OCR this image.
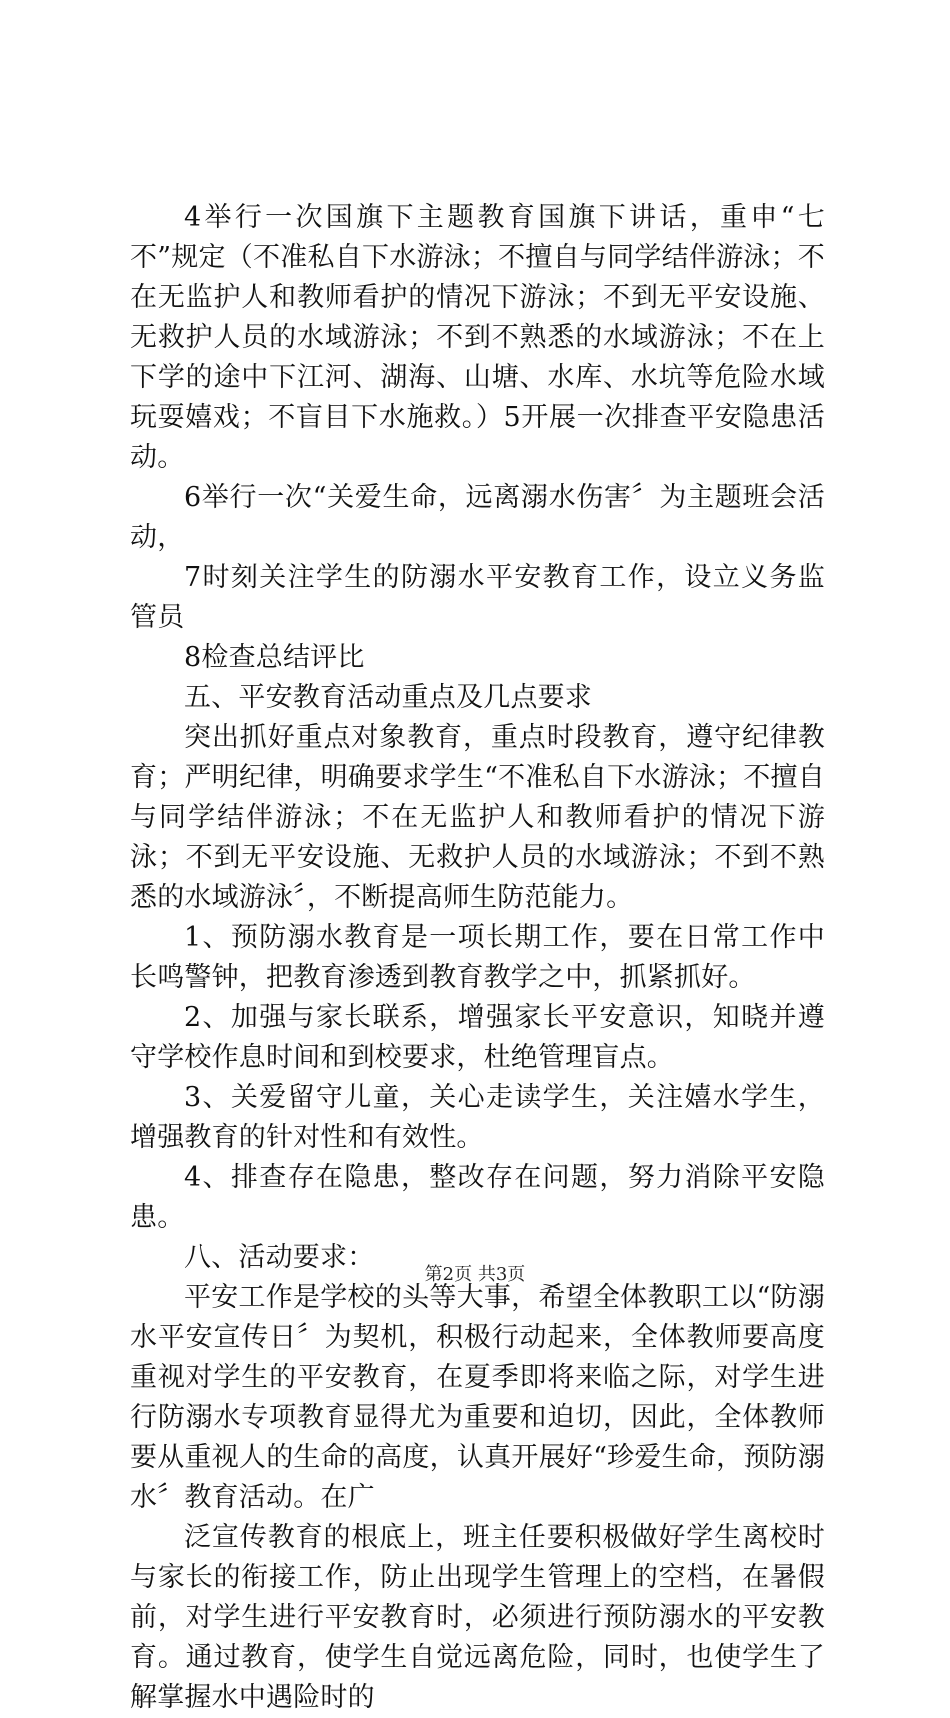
4举行一次国旗下主题教育国旗下讲话，重申“七不”规定（不准私自下水游泳；不擅自与同学结伴游泳；不在无监护人和教师看护的情况下游泳；不到无平安设施、无救护人员的水域游泳；不到不熟悉的水域游泳；不在上下学的途中下江河、湖海、山塘、水库、水坑等危险水域玩耍嬉戏；不盲目下水施救。）5开展一次排查平安隐患活动。

6举行一次“关爱生命，远离溺水伤害〞为主题班会活动，

7时刻关注学生的防溺水平安教育工作，设立义务监管员

8检查总结评比

五、平安教育活动重点及几点要求

突出抓好重点对象教育，重点时段教育，遵守纪律教育；严明纪律，明确要求学生“不准私自下水游泳；不擅自与同学结伴游泳；不在无监护人和教师看护的情况下游泳；不到无平安设施、无救护人员的水域游泳；不到不熟悉的水域游泳〞，不断提高师生防范能力。

1、预防溺水教育是一项长期工作，要在日常工作中长鸣警钟，把教育渗透到教育教学之中，抓紧抓好。

2、加强与家长联系，增强家长平安意识，知晓并遵守学校作息时间和到校要求，杜绝管理盲点。

3、关爱留守儿童，关心走读学生，关注嬉水学生，增强教育的针对性和有效性。

4、排查存在隐患，整改存在问题，努力消除平安隐患。

八、活动要求：

平安工作是学校的头等大事，希望全体教职工以“防溺水平安宣传日〞为契机，积极行动起来，全体教师要高度重视对学生的平安教育，在夏季即将来临之际，对学生进行防溺水专项教育显得尤为重要和迫切，因此，全体教师要从重视人的生命的高度，认真开展好“珍爱生命，预防溺水〞教育活动。在广

泛宣传教育的根底上，班主任要积极做好学生离校时与家长的衔接工作，防止出现学生管理上的空档，在暑假前，对学生进行平安教育时，必须进行预防溺水的平安教育。通过教育，使学生自觉远离危险，同时，也使学生了解掌握水中遇险时的

第2页 共3页
